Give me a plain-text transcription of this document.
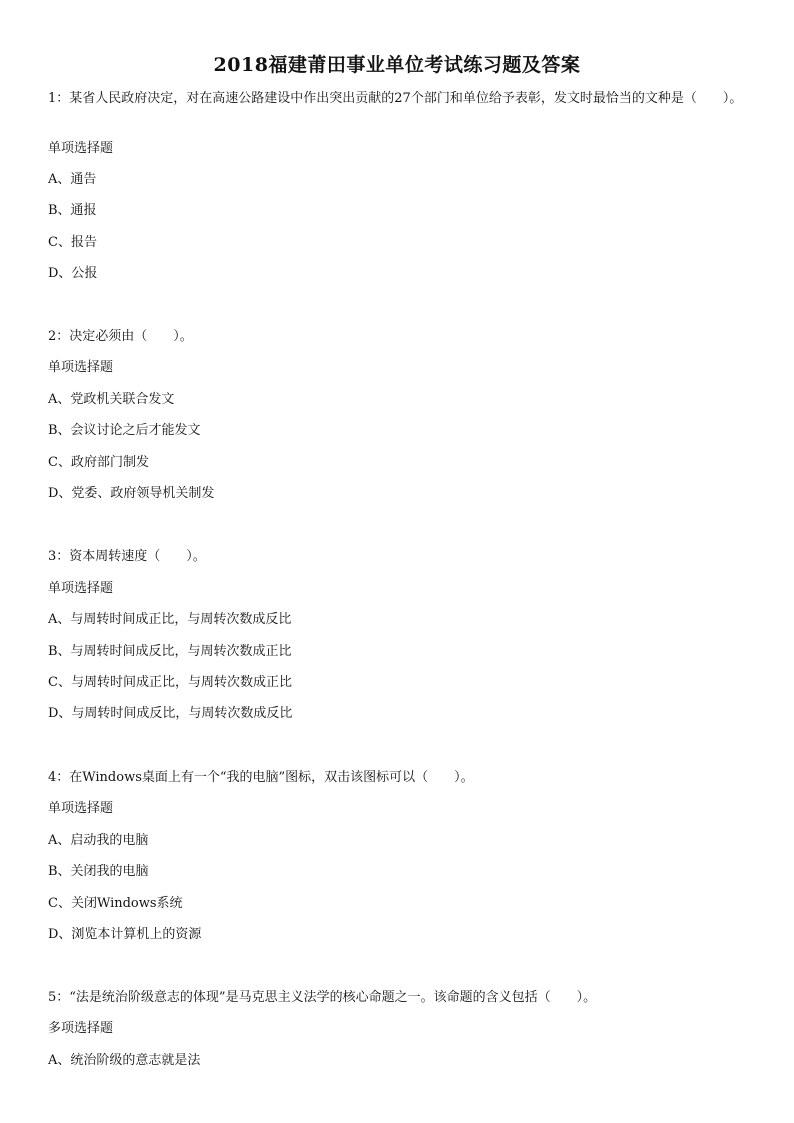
2018福建莆田事业单位考试练习题及答案
1：某省人民政府决定，对在高速公路建设中作出突出贡献的27个部门和单位给予表彰，发文时最恰当的文种是（　　）。
单项选择题
A、通告
B、通报
C、报告
D、公报
2：决定必须由（　　）。
单项选择题
A、党政机关联合发文
B、会议讨论之后才能发文
C、政府部门制发
D、党委、政府领导机关制发
3：资本周转速度（　　）。
单项选择题
A、与周转时间成正比，与周转次数成反比
B、与周转时间成反比，与周转次数成正比
C、与周转时间成正比，与周转次数成正比
D、与周转时间成反比，与周转次数成反比
4：在Windows桌面上有一个“我的电脑”图标，双击该图标可以（　　）。
单项选择题
A、启动我的电脑
B、关闭我的电脑
C、关闭Windows系统
D、浏览本计算机上的资源
5：“法是统治阶级意志的体现”是马克思主义法学的核心命题之一。该命题的含义包括（　　）。
多项选择题
A、统治阶级的意志就是法
